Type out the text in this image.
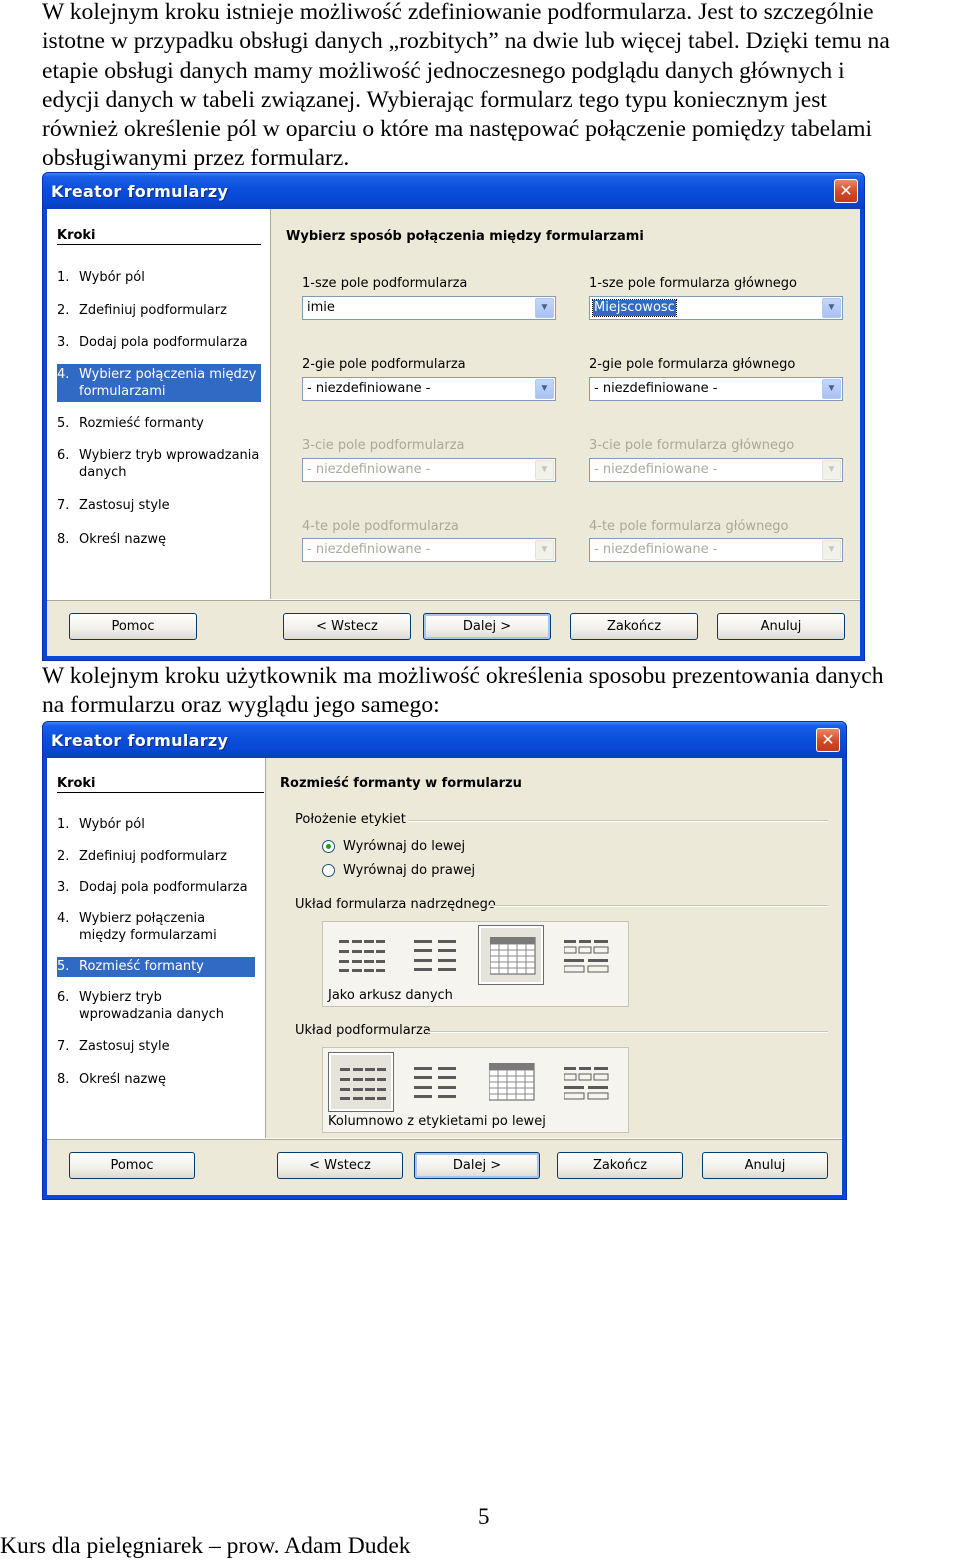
W kolejnym kroku istnieje możliwość zdefiniowanie podformularza. Jest to szczególnie
istotne w przypadku obsługi danych „rozbitych” na dwie lub więcej tabel. Dzięki temu na
etapie obsługi danych mamy możliwość jednoczesnego podglądu danych głównych i
edycji danych w tabeli związanej. Wybierając formularz tego typu koniecznym jest
również określenie pól w oparciu o które ma następować połączenie pomiędzy tabelami
obsługiwanymi przez formularz.
Kreator formularzy	✕
Kroki
1. Wybór pól
2. Zdefiniuj podformularz
3. Dodaj pola podformularza
4. Wybierz połączenia między formularzami
5. Rozmieść formanty
6. Wybierz tryb wprowadzania danych
7. Zastosuj style
8. Określ nazwę
Wybierz sposób połączenia między formularzami
1-sze pole podformularza
imie	▼
1-sze pole formularza głównego
Miejscowosc	▼
2-gie pole podformularza
- niezdefiniowane -	▼
2-gie pole formularza głównego
- niezdefiniowane -	▼
3-cie pole podformularza
- niezdefiniowane -	▼
3-cie pole formularza głównego
- niezdefiniowane -	▼
4-te pole podformularza
- niezdefiniowane -	▼
4-te pole formularza głównego
- niezdefiniowane -	▼
Pomoc	< Wstecz	Dalej >	Zakończ	Anuluj
W kolejnym kroku użytkownik ma możliwość określenia sposobu prezentowania danych
na formularzu oraz wyglądu jego samego:
Kreator formularzy	✕
Kroki
1. Wybór pól
2. Zdefiniuj podformularz
3. Dodaj pola podformularza
4. Wybierz połączenia między formularzami
5. Rozmieść formanty
6. Wybierz tryb wprowadzania danych
7. Zastosuj style
8. Określ nazwę
Rozmieść formanty w formularzu
Położenie etykiet
Wyrównaj do lewej
Wyrównaj do prawej
Układ formularza nadrzędnego
Jako arkusz danych
Układ podformularza
Kolumnowo z etykietami po lewej
Pomoc	< Wstecz	Dalej >	Zakończ	Anuluj
5
Kurs dla pielęgniarek – prow. Adam Dudek
